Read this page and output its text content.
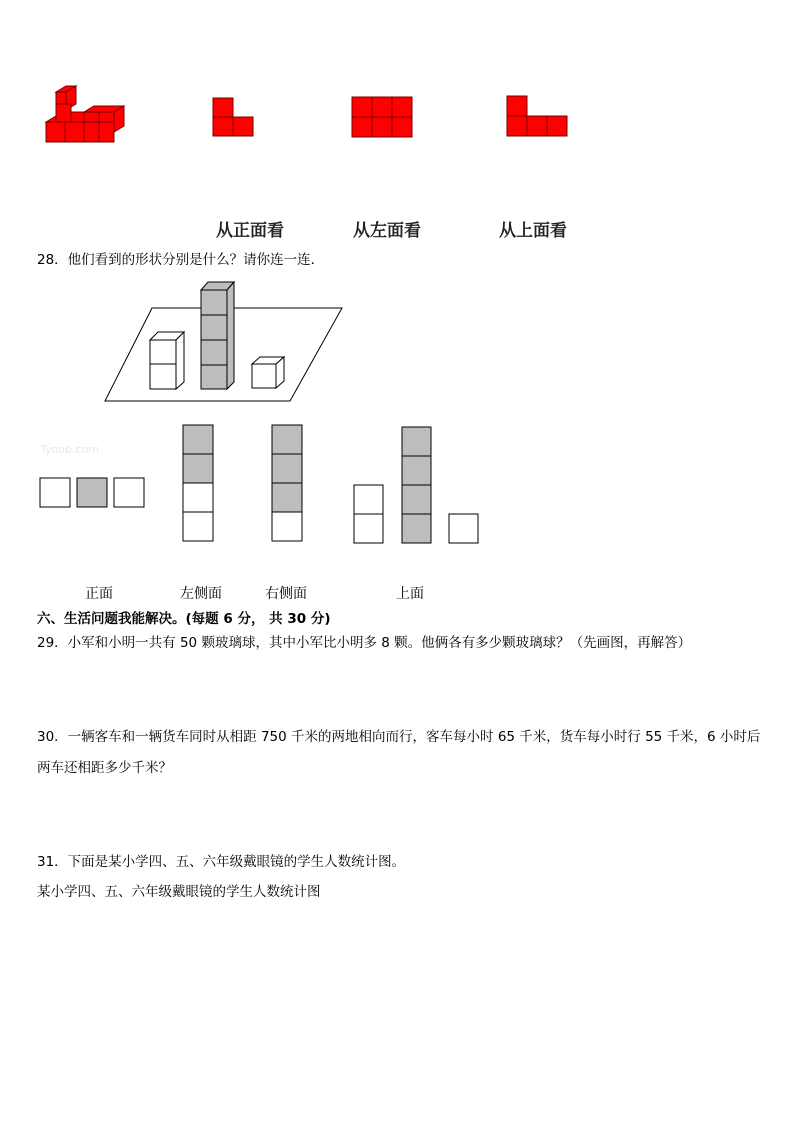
从正面看	从左面看	从上面看
28．他们看到的形状分别是什么？请你连一连．
Tyoob.com
正面	左侧面	右侧面	上面
六、生活问题我能解决。(每题 6 分， 共 30 分)
29．小军和小明一共有 50 颗玻璃球，其中小军比小明多 8 颗。他俩各有多少颗玻璃球？（先画图，再解答）
30．一辆客车和一辆货车同时从相距 750 千米的两地相向而行，客车每小时 65 千米，货车每小时行 55 千米，6 小时后
两车还相距多少千米？
31．下面是某小学四、五、六年级戴眼镜的学生人数统计图。
某小学四、五、六年级戴眼镜的学生人数统计图
